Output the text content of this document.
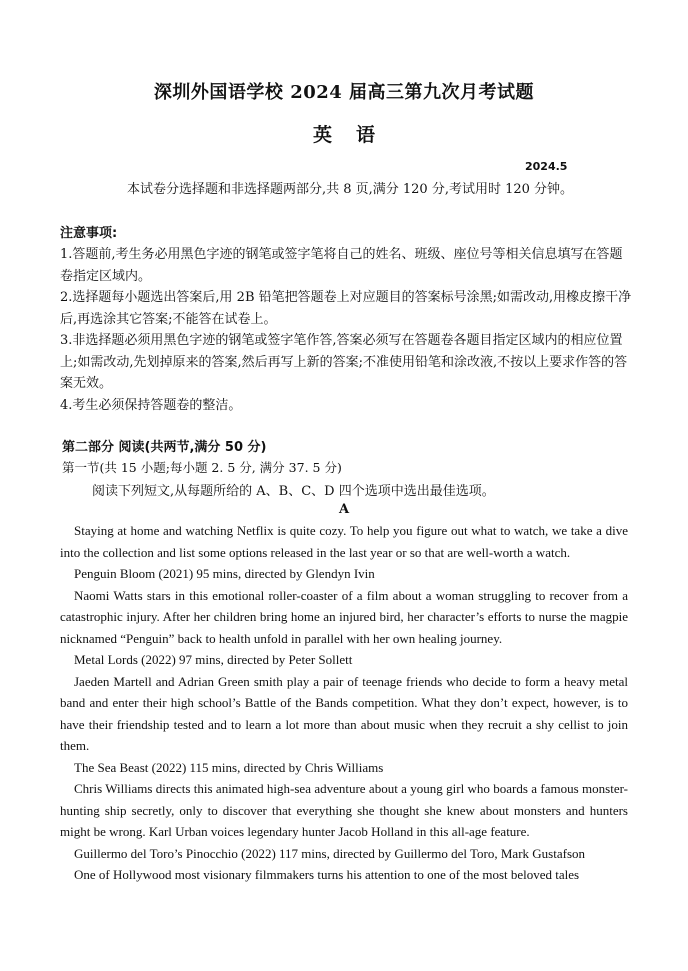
深圳外国语学校 2024 届高三第九次月考试题
英语
2024.5
本试卷分选择题和非选择题两部分,共 8 页,满分 120 分,考试用时 120 分钟。
注意事项:
1.答题前,考生务必用黑色字迹的钢笔或签字笔将自己的姓名、班级、座位号等相关信息填写在答题卷指定区域内。
2.选择题每小题选出答案后,用 2B 铅笔把答题卷上对应题目的答案标号涂黑;如需改动,用橡皮擦干净后,再选涂其它答案;不能答在试卷上。
3.非选择题必须用黑色字迹的钢笔或签字笔作答,答案必须写在答题卷各题目指定区域内的相应位置上;如需改动,先划掉原来的答案,然后再写上新的答案;不准使用铅笔和涂改液,不按以上要求作答的答案无效。
4.考生必须保持答题卷的整洁。
第二部分 阅读(共两节,满分 50 分)
第一节(共 15 小题;每小题 2. 5 分, 满分 37. 5 分)
阅读下列短文,从每题所给的 A、B、C、D 四个选项中选出最佳选项。
A

Staying at home and watching Netflix is quite cozy. To help you figure out what to watch, we take a dive into the collection and list some options released in the last year or so that are well-worth a watch.

Penguin Bloom (2021) 95 mins, directed by Glendyn Ivin

Naomi Watts stars in this emotional roller-coaster of a film about a woman struggling to recover from a catastrophic injury. After her children bring home an injured bird, her character’s efforts to nurse the magpie nicknamed “Penguin” back to health unfold in parallel with her own healing journey.

Metal Lords (2022) 97 mins, directed by Peter Sollett

Jaeden Martell and Adrian Green smith play a pair of teenage friends who decide to form a heavy metal band and enter their high school’s Battle of the Bands competition. What they don’t expect, however, is to have their friendship tested and to learn a lot more than about music when they recruit a shy cellist to join them.

The Sea Beast (2022) 115 mins, directed by Chris Williams

Chris Williams directs this animated high-sea adventure about a young girl who boards a famous monster-hunting ship secretly, only to discover that everything she thought she knew about monsters and hunters might be wrong. Karl Urban voices legendary hunter Jacob Holland in this all-age feature.

Guillermo del Toro’s Pinocchio (2022) 117 mins, directed by Guillermo del Toro, Mark Gustafson

One of Hollywood most visionary filmmakers turns his attention to one of the most beloved tales
